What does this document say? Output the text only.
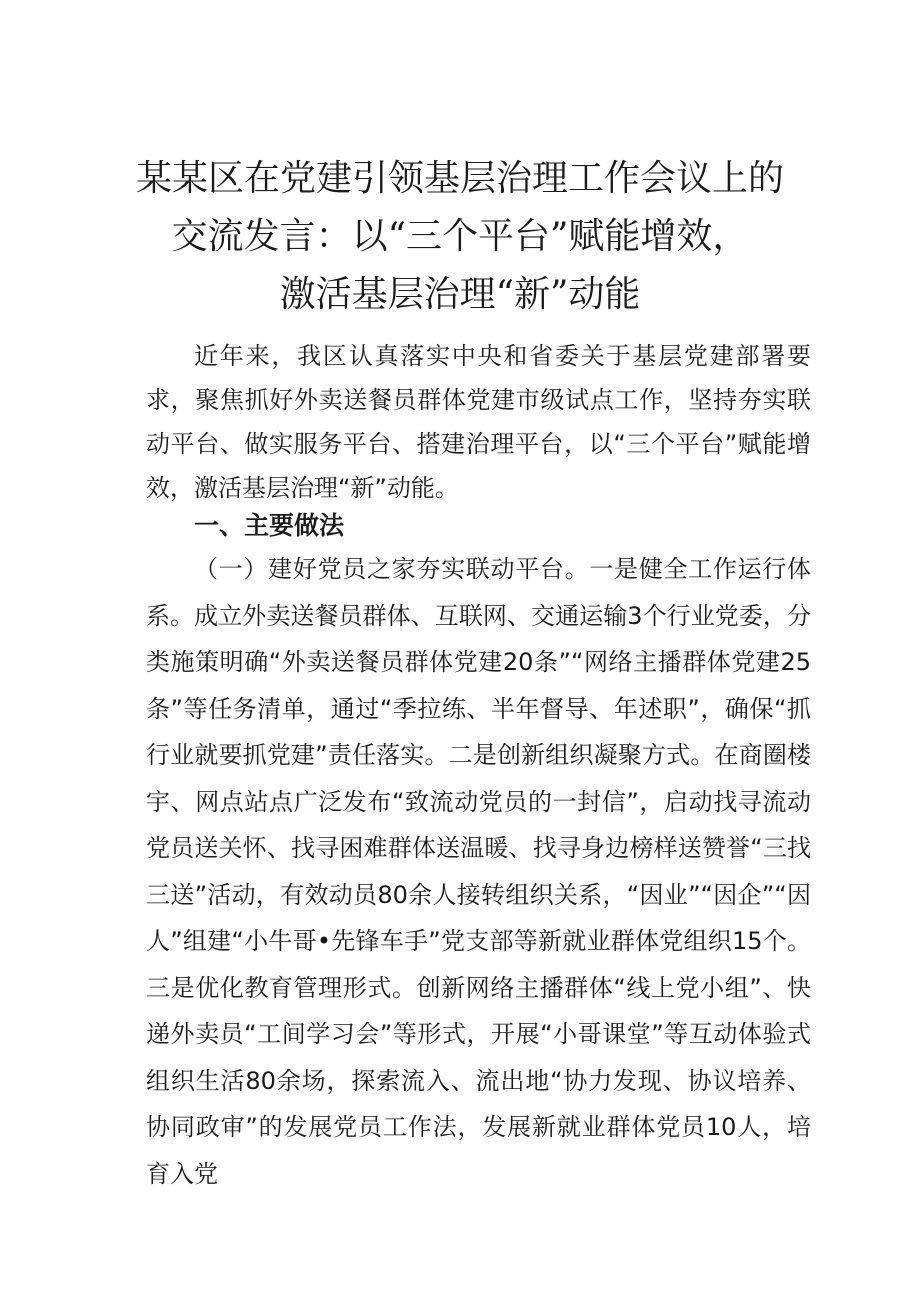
某某区在党建引领基层治理工作会议上的
交流发言：以“三个平台”赋能增效，
激活基层治理“新”动能

近年来，我区认真落实中央和省委关于基层党建部署要求，聚焦抓好外卖送餐员群体党建市级试点工作，坚持夯实联动平台、做实服务平台、搭建治理平台，以“三个平台”赋能增效，激活基层治理“新”动能。

一、主要做法

（一）建好党员之家夯实联动平台。一是健全工作运行体系。成立外卖送餐员群体、互联网、交通运输3个行业党委，分类施策明确“外卖送餐员群体党建20条”“网络主播群体党建25条”等任务清单，通过“季拉练、半年督导、年述职”，确保“抓行业就要抓党建”责任落实。二是创新组织凝聚方式。在商圈楼宇、网点站点广泛发布“致流动党员的一封信”，启动找寻流动党员送关怀、找寻困难群体送温暖、找寻身边榜样送赞誉“三找三送”活动，有效动员80余人接转组织关系，“因业”“因企”“因人”组建“小牛哥•先锋车手”党支部等新就业群体党组织15个。三是优化教育管理形式。创新网络主播群体“线上党小组”、快递外卖员“工间学习会”等形式，开展“小哥课堂”等互动体验式组织生活80余场，探索流入、流出地“协力发现、协议培养、协同政审”的发展党员工作法，发展新就业群体党员10人，培育入党
